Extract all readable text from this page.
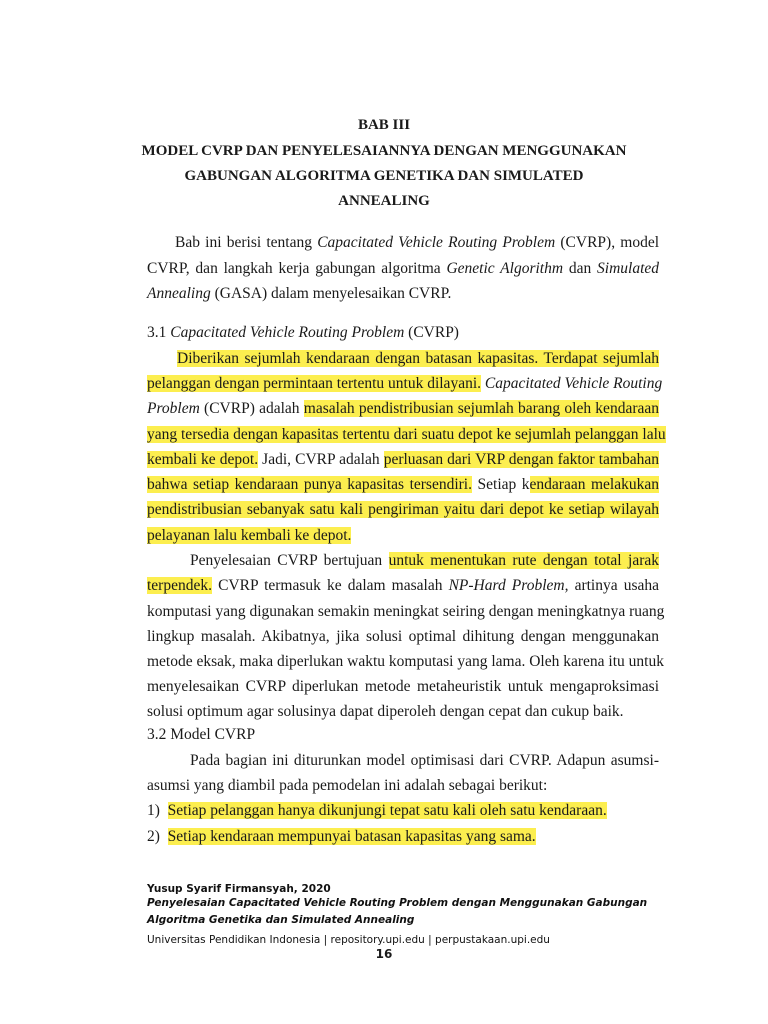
BAB III
MODEL CVRP DAN PENYELESAIANNYA DENGAN MENGGUNAKAN
GABUNGAN ALGORITMA GENETIKA DAN SIMULATED
ANNEALING
Bab ini berisi tentang Capacitated Vehicle Routing Problem (CVRP), model
CVRP, dan langkah kerja gabungan algoritma Genetic Algorithm dan Simulated
Annealing (GASA) dalam menyelesaikan CVRP.
3.1 Capacitated Vehicle Routing Problem (CVRP)
Diberikan sejumlah kendaraan dengan batasan kapasitas. Terdapat sejumlah
pelanggan dengan permintaan tertentu untuk dilayani. Capacitated Vehicle Routing
Problem (CVRP) adalah masalah pendistribusian sejumlah barang oleh kendaraan
yang tersedia dengan kapasitas tertentu dari suatu depot ke sejumlah pelanggan lalu
kembali ke depot. Jadi, CVRP adalah perluasan dari VRP dengan faktor tambahan
bahwa setiap kendaraan punya kapasitas tersendiri. Setiap kendaraan melakukan
pendistribusian sebanyak satu kali pengiriman yaitu dari depot ke setiap wilayah
pelayanan lalu kembali ke depot.
Penyelesaian CVRP bertujuan untuk menentukan rute dengan total jarak
terpendek. CVRP termasuk ke dalam masalah NP-Hard Problem, artinya usaha
komputasi yang digunakan semakin meningkat seiring dengan meningkatnya ruang
lingkup masalah. Akibatnya, jika solusi optimal dihitung dengan menggunakan
metode eksak, maka diperlukan waktu komputasi yang lama. Oleh karena itu untuk
menyelesaikan CVRP diperlukan metode metaheuristik untuk mengaproksimasi
solusi optimum agar solusinya dapat diperoleh dengan cepat dan cukup baik.
3.2 Model CVRP
Pada bagian ini diturunkan model optimisasi dari CVRP. Adapun asumsi-
asumsi yang diambil pada pemodelan ini adalah sebagai berikut:
1) Setiap pelanggan hanya dikunjungi tepat satu kali oleh satu kendaraan.
2) Setiap kendaraan mempunyai batasan kapasitas yang sama.
Yusup Syarif Firmansyah, 2020
Penyelesaian Capacitated Vehicle Routing Problem dengan Menggunakan Gabungan
Algoritma Genetika dan Simulated Annealing
Universitas Pendidikan Indonesia | repository.upi.edu | perpustakaan.upi.edu
16
